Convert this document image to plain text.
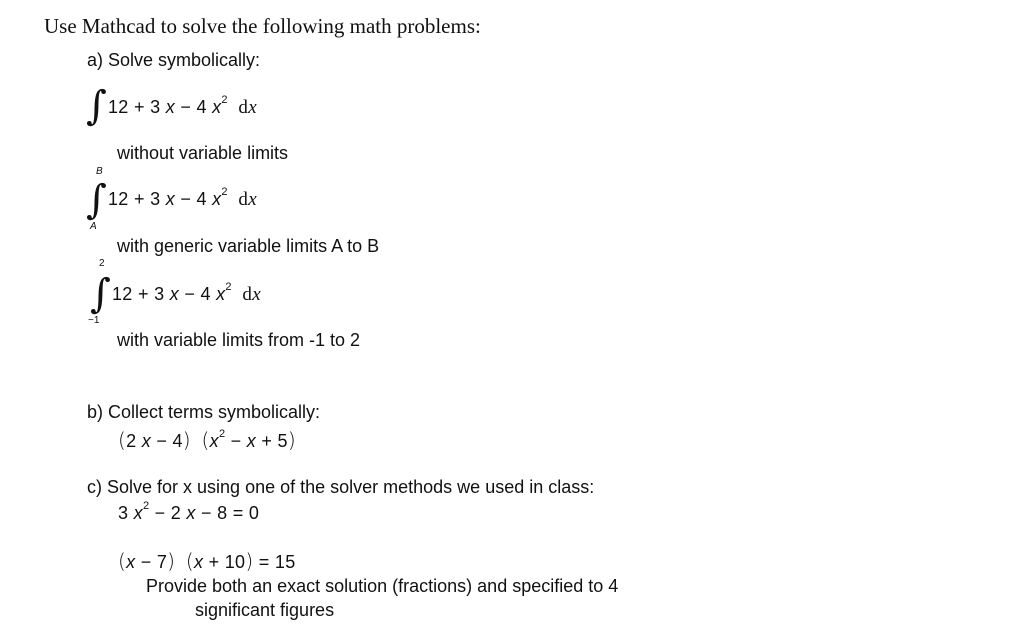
Use Mathcad to solve the following math problems:
a) Solve symbolically:
∫ 12 + 3 x − 4 $x^2$ dx
without variable limits
B
∫
A
12 + 3 x − 4 $x^2$ dx
with generic variable limits A to B
2
∫
−1
12 + 3 x − 4 $x^2$ dx
with variable limits from -1 to 2
b) Collect terms symbolically:
(2 x − 4) $(x^2 - x + 5)$
c) Solve for x using one of the solver methods we used in class:
3 $x^2 - 2$ x − 8 = 0
(x − 7) (x + 10) = 15
Provide both an exact solution (fractions) and specified to 4
significant figures
